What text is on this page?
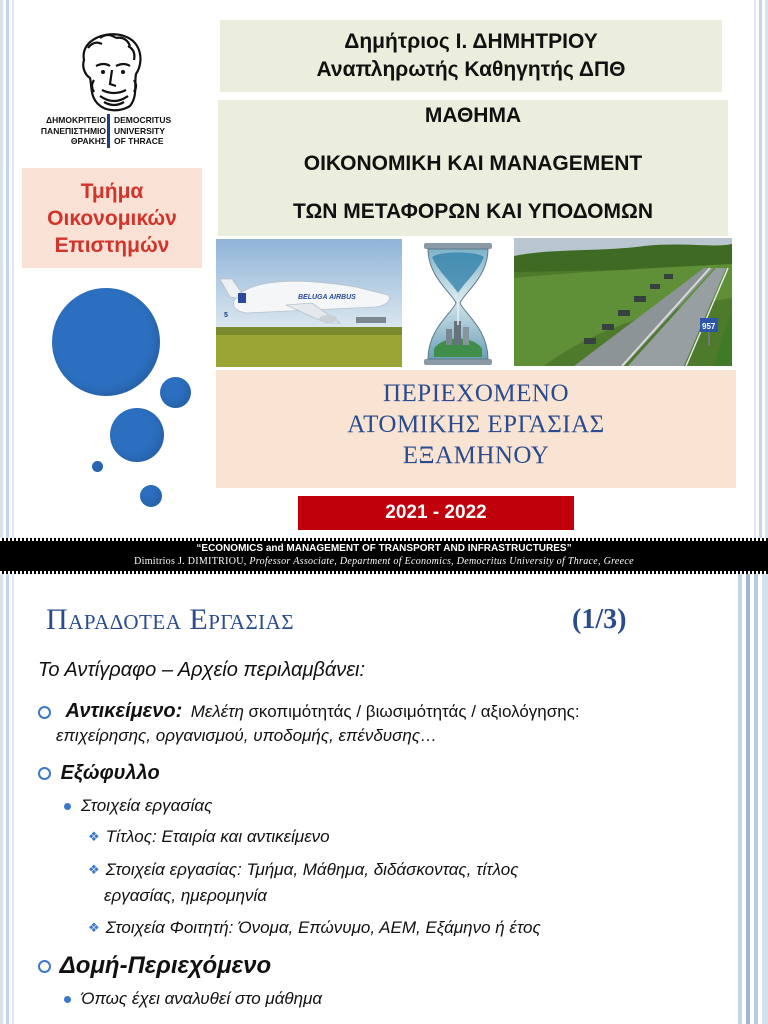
ΔΗΜΟΚΡΙΤΕΙΟ
ΠΑΝΕΠΙΣΤΗΜΙΟ
ΘΡΑΚΗΣ
DEMOCRITUS
UNIVERSITY
OF THRACE
Τμήμα
Οικονομικών
Επιστημών
Δημήτριος Ι. ΔΗΜΗΤΡΙΟΥ
Αναπληρωτής Καθηγητής ΔΠΘ
ΜΑΘΗΜΑ
ΟΙΚΟΝΟΜΙΚΗ ΚΑΙ MANAGEMENT
ΤΩΝ ΜΕΤΑΦΟΡΩΝ ΚΑΙ ΥΠΟΔΟΜΩΝ
5
BELUGA AIRBUS
957
ΠΕΡΙΕΧΟΜΕΝΟ
ΑΤΟΜΙΚΗΣ ΕΡΓΑΣΙΑΣ
ΕΞΑΜΗΝΟΥ
2021 - 2022
“ECONOMICS and MANAGEMENT OF TRANSPORT AND INFRASTRUCTURES”
Dimitrios J. DIMITRIOU, Professor Associate, Department of Economics, Democritus University of Thrace, Greece
Παραδοτεα Εργασιας	(1/3)
Το Αντίγραφο – Αρχείο περιλαμβάνει:
Αντικείμενο: Μελέτη σκοπιμότητάς / βιωσιμότητάς / αξιολόγησης:
επιχείρησης, οργανισμού, υποδομής, επένδυσης…
Εξώφυλλο
Στοιχεία εργασίας
❖ Τίτλος: Εταιρία και αντικείμενο
❖ Στοιχεία εργασίας: Τμήμα, Μάθημα, διδάσκοντας, τίτλος
εργασίας, ημερομηνία
❖ Στοιχεία Φοιτητή: Όνομα, Επώνυμο, ΑΕΜ, Εξάμηνο ή έτος
Δομή-Περιεχόμενο
Όπως έχει αναλυθεί στο μάθημα
